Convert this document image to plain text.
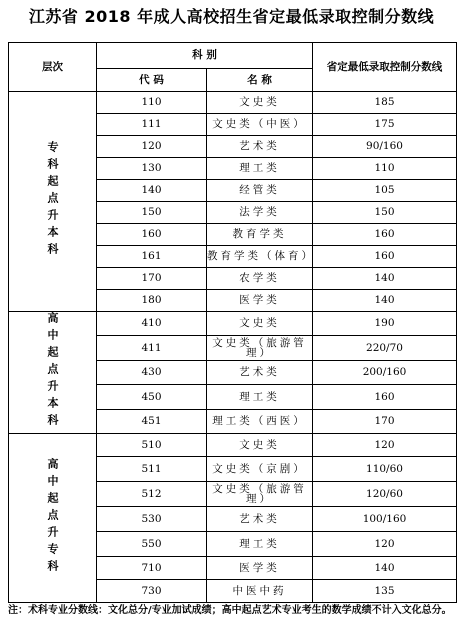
江苏省 2018 年成人高校招生省定最低录取控制分数线
层次	科 别		省定最低录取控制分数线
	代 码	名 称	
专科起点升本科	110	文史类	185
	111	文史类（中医）	175
	120	艺术类	90/160
	130	理工类	110
	140	经管类	105
	150	法学类	150
	160	教育学类	160
	161	教育学类（体育）	160
	170	农学类	140
	180	医学类	140
高中起点升本科	410	文史类	190
	411	文史类（旅游管理）	220/70
	430	艺术类	200/160
	450	理工类	160
	451	理工类（西医）	170
高中起点升专科	510	文史类	120
	511	文史类（京剧）	110/60
	512	文史类（旅游管理）	120/60
	530	艺术类	100/160
	550	理工类	120
	710	医学类	140
	730	中医中药	135
注：术科专业分数线：文化总分/专业加试成绩；高中起点艺术专业考生的数学成绩不计入文化总分。
